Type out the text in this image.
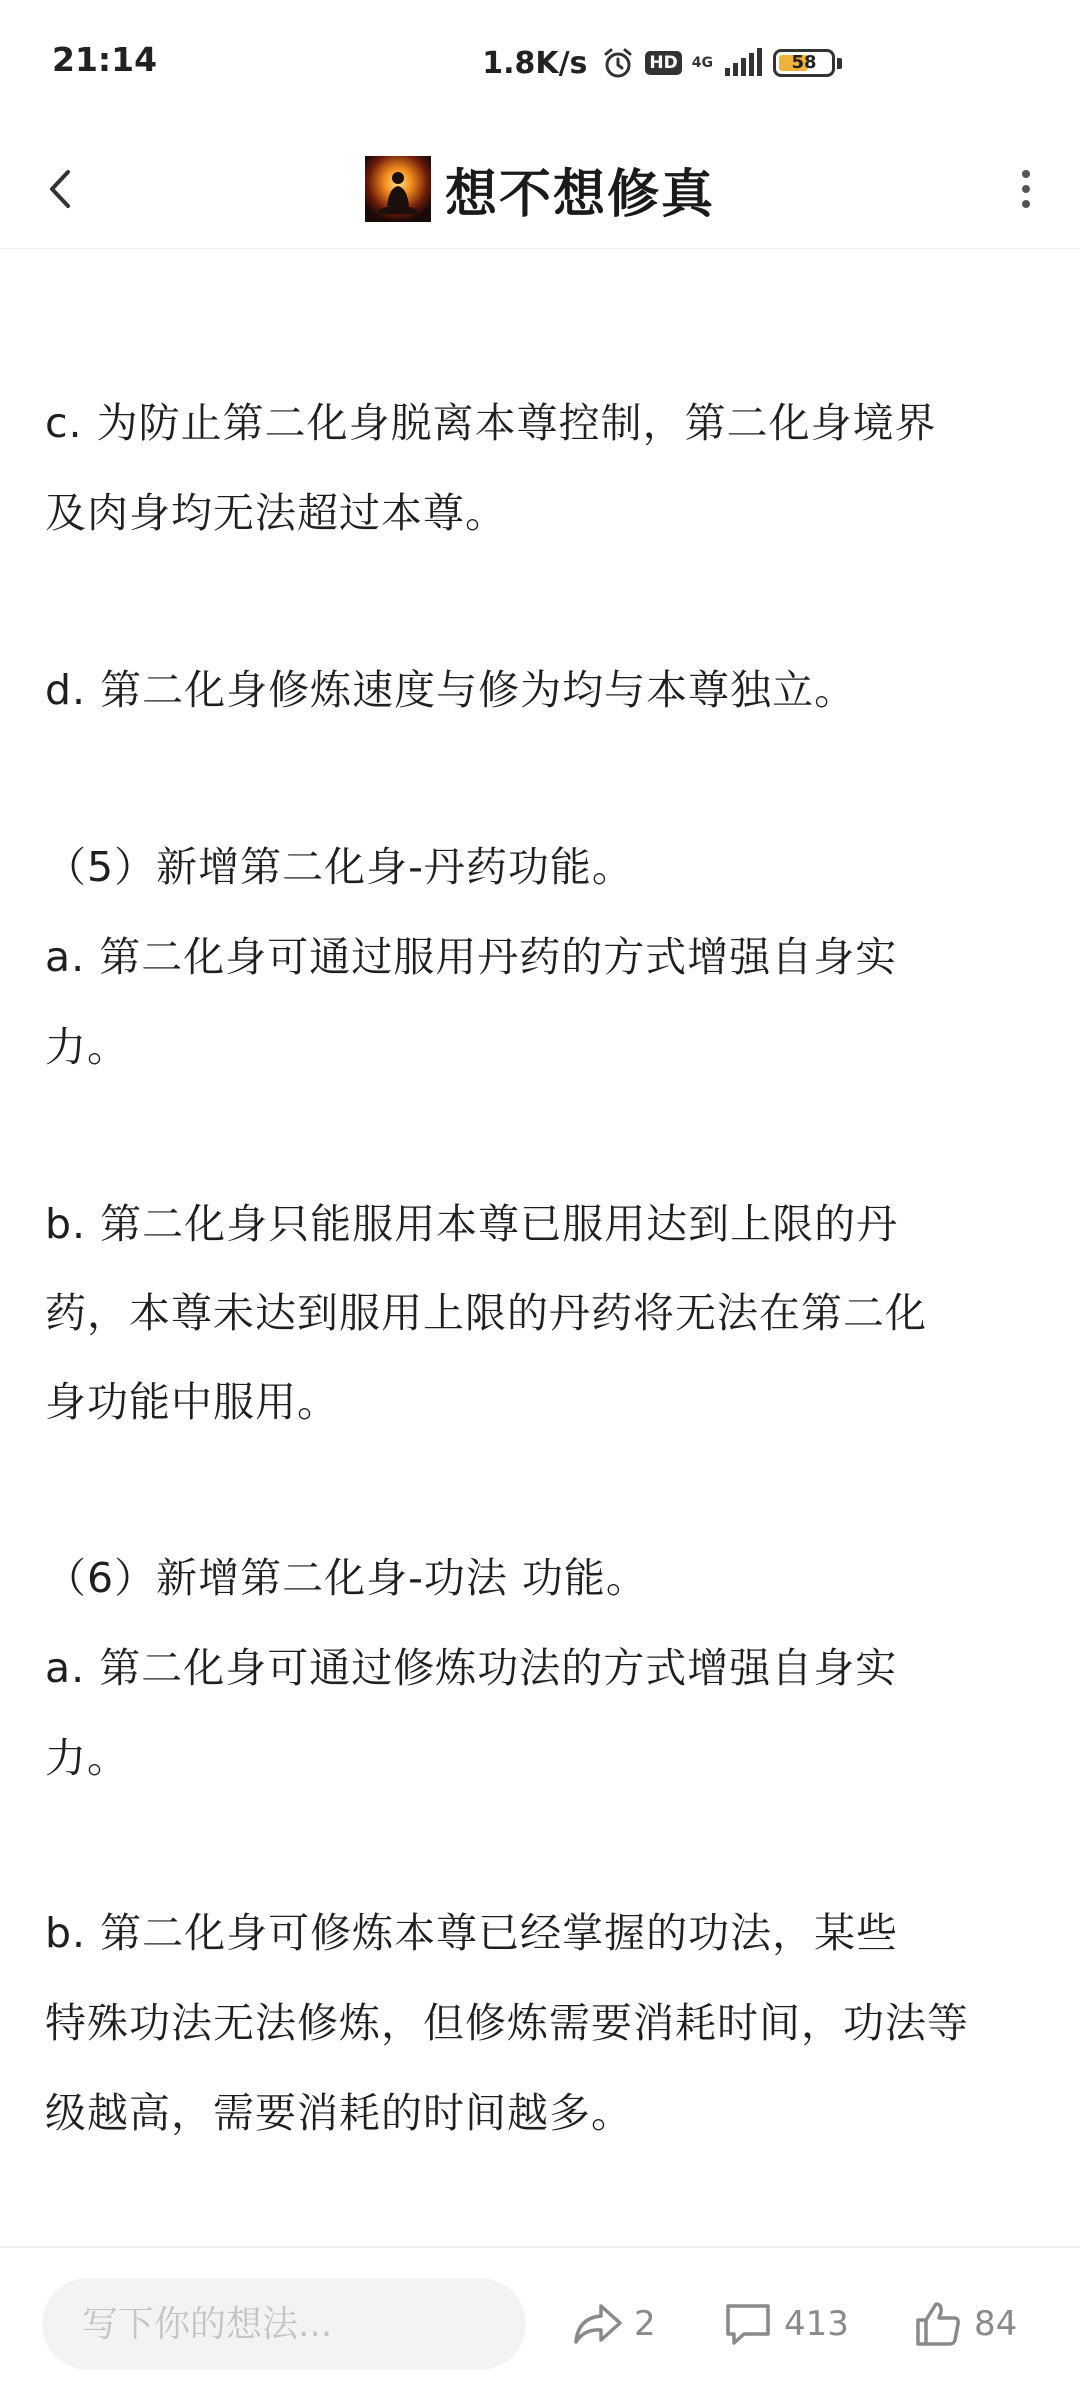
21:14	1.8K/s	HD 4G	58
想不想修真
c. 为防止第二化身脱离本尊控制，第二化身境界
及肉身均无法超过本尊。
d. 第二化身修炼速度与修为均与本尊独立。
（5）新增第二化身-丹药功能。
a. 第二化身可通过服用丹药的方式增强自身实
力。
b. 第二化身只能服用本尊已服用达到上限的丹
药，本尊未达到服用上限的丹药将无法在第二化
身功能中服用。
（6）新增第二化身-功法 功能。
a. 第二化身可通过修炼功法的方式增强自身实
力。
b. 第二化身可修炼本尊已经掌握的功法，某些
特殊功法无法修炼，但修炼需要消耗时间，功法等
级越高，需要消耗的时间越多。
写下你的想法...
2	413	84
